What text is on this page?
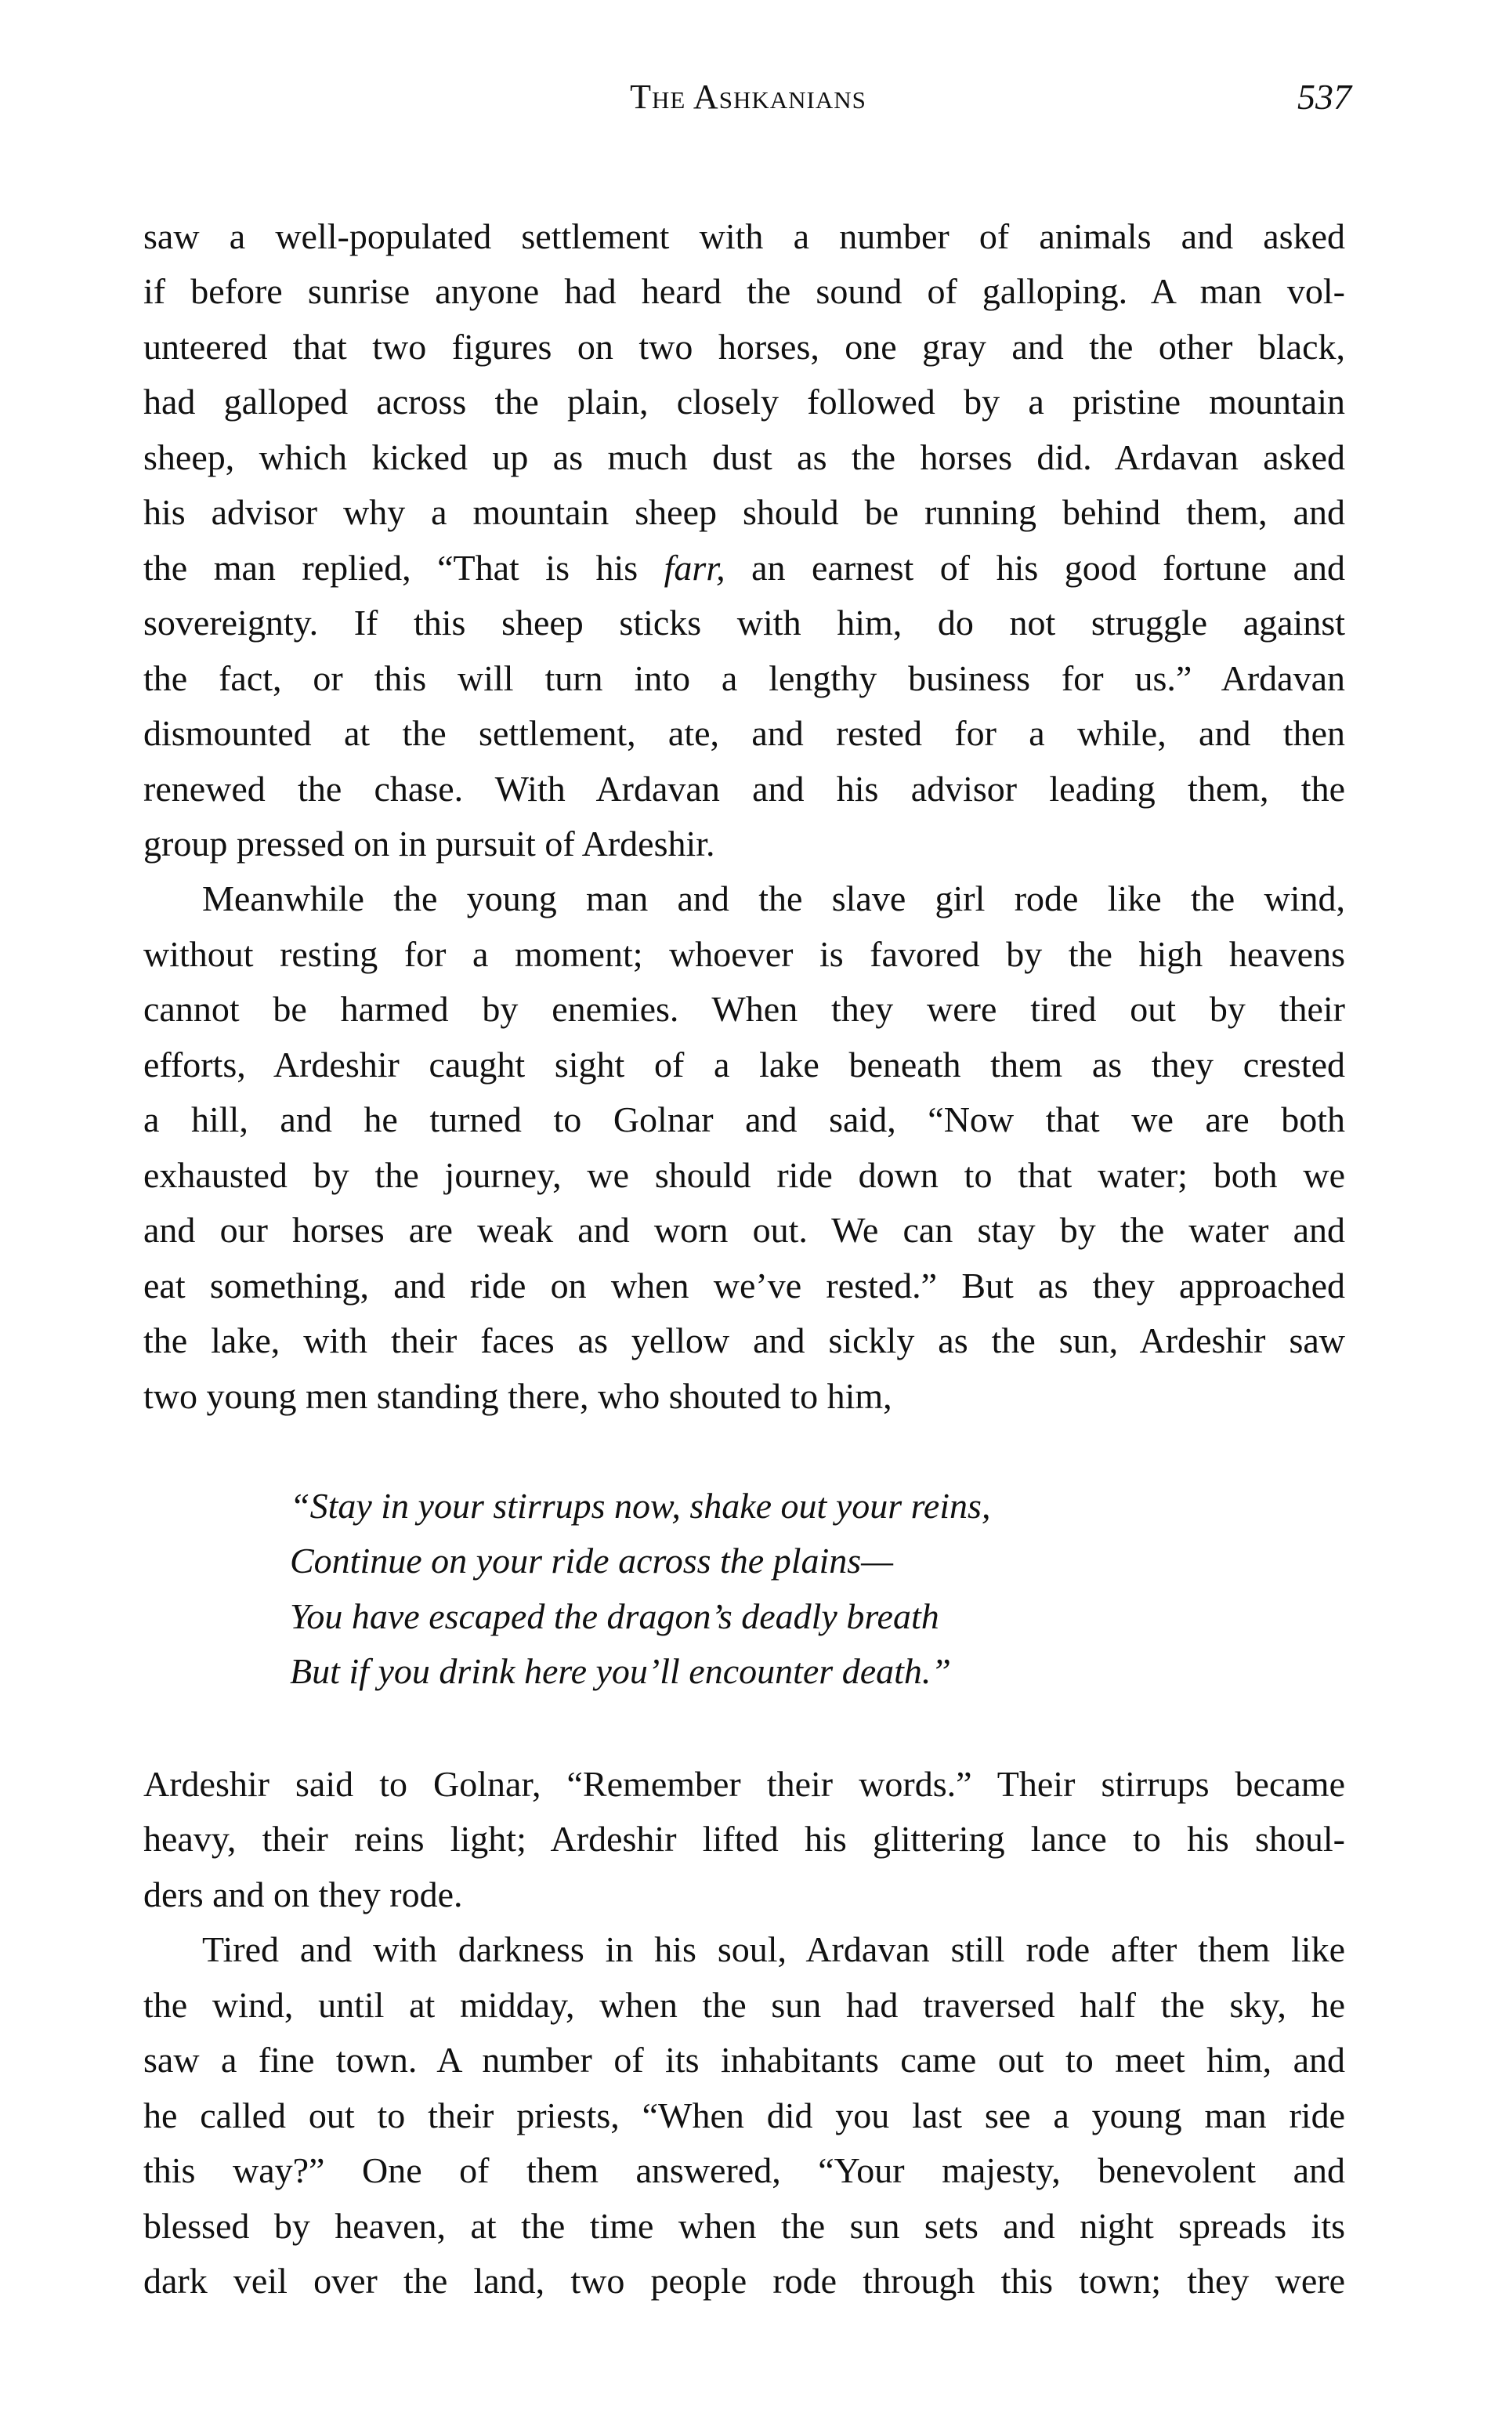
The Ashkanians	537
saw a well-populated settlement with a number of animals and asked
if before sunrise anyone had heard the sound of galloping. A man vol-
unteered that two figures on two horses, one gray and the other black,
had galloped across the plain, closely followed by a pristine mountain
sheep, which kicked up as much dust as the horses did. Ardavan asked
his advisor why a mountain sheep should be running behind them, and
the man replied, “That is his farr, an earnest of his good fortune and
sovereignty. If this sheep sticks with him, do not struggle against
the fact, or this will turn into a lengthy business for us.” Ardavan
dismounted at the settlement, ate, and rested for a while, and then
renewed the chase. With Ardavan and his advisor leading them, the
group pressed on in pursuit of Ardeshir.
Meanwhile the young man and the slave girl rode like the wind,
without resting for a moment; whoever is favored by the high heavens
cannot be harmed by enemies. When they were tired out by their
efforts, Ardeshir caught sight of a lake beneath them as they crested
a hill, and he turned to Golnar and said, “Now that we are both
exhausted by the journey, we should ride down to that water; both we
and our horses are weak and worn out. We can stay by the water and
eat something, and ride on when we’ve rested.” But as they approached
the lake, with their faces as yellow and sickly as the sun, Ardeshir saw
two young men standing there, who shouted to him,
“Stay in your stirrups now, shake out your reins,
Continue on your ride across the plains—
You have escaped the dragon’s deadly breath
But if you drink here you’ll encounter death.”
Ardeshir said to Golnar, “Remember their words.” Their stirrups became
heavy, their reins light; Ardeshir lifted his glittering lance to his shoul-
ders and on they rode.
Tired and with darkness in his soul, Ardavan still rode after them like
the wind, until at midday, when the sun had traversed half the sky, he
saw a fine town. A number of its inhabitants came out to meet him, and
he called out to their priests, “When did you last see a young man ride
this way?” One of them answered, “Your majesty, benevolent and
blessed by heaven, at the time when the sun sets and night spreads its
dark veil over the land, two people rode through this town; they were
